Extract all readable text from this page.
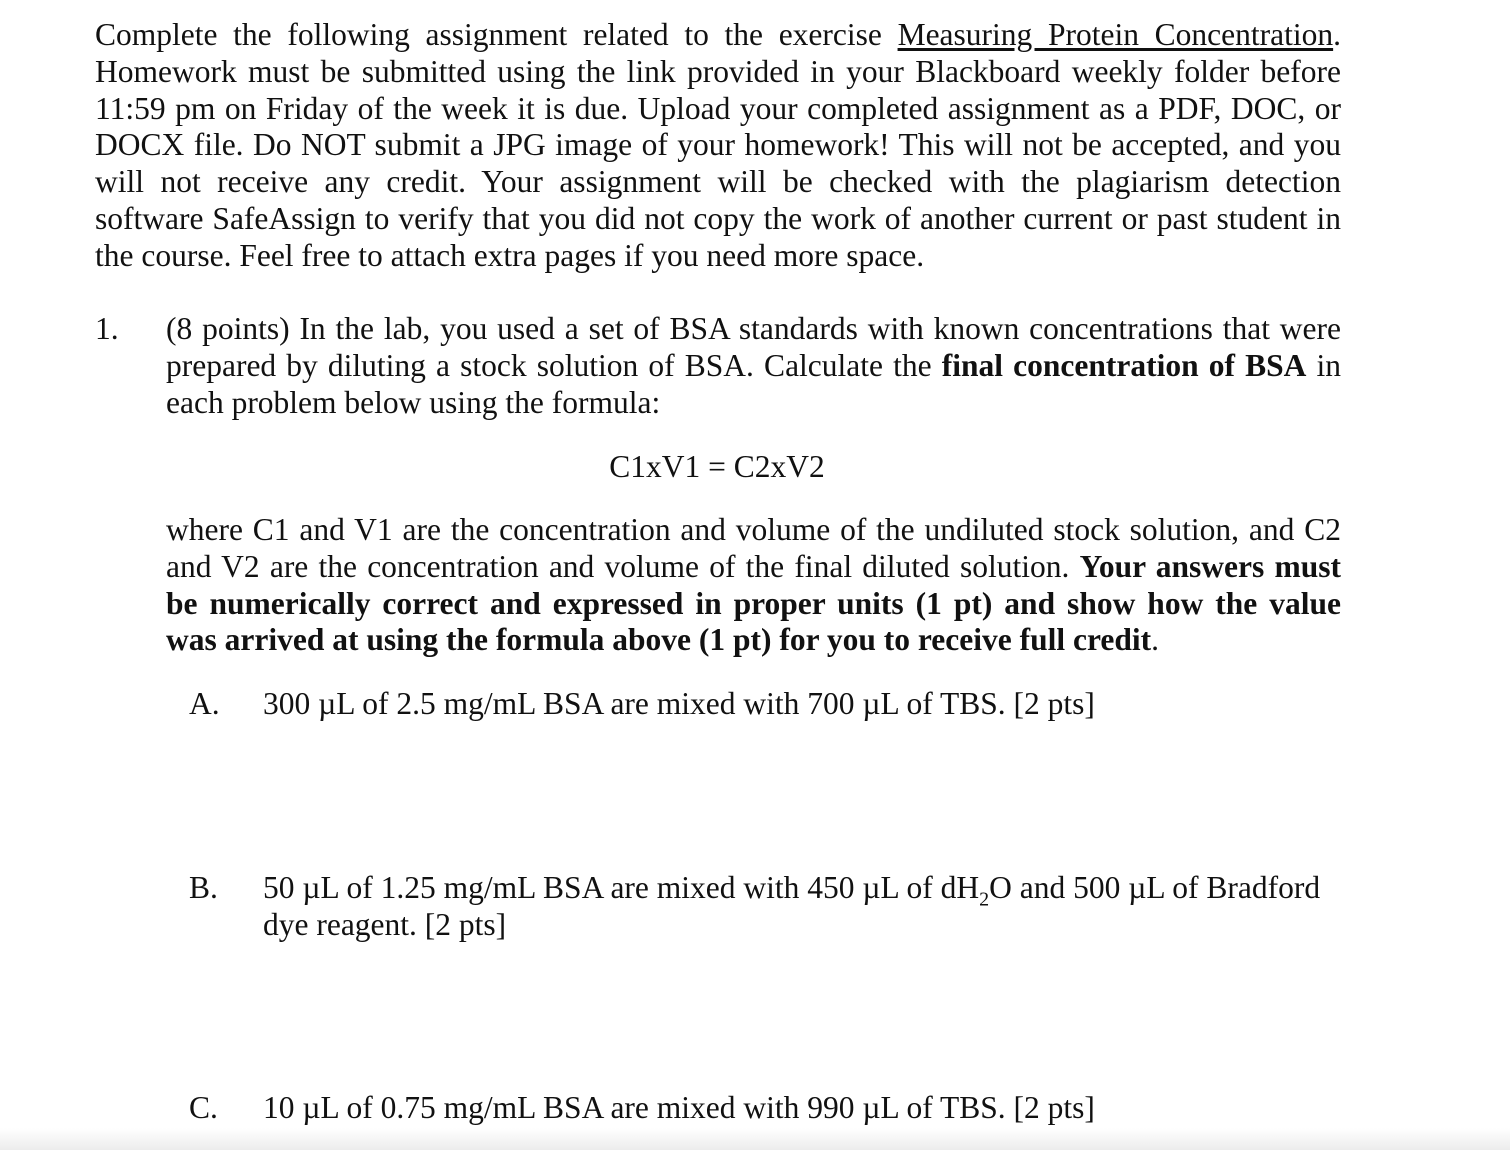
Complete the following assignment related to the exercise Measuring Protein Concentration. Homework must be submitted using the link provided in your Blackboard weekly folder before 11:59 pm on Friday of the week it is due. Upload your completed assignment as a PDF, DOC, or DOCX file. Do NOT submit a JPG image of your homework! This will not be accepted, and you will not receive any credit. Your assignment will be checked with the plagiarism detection software SafeAssign to verify that you did not copy the work of another current or past student in the course. Feel free to attach extra pages if you need more space.

1. (8 points) In the lab, you used a set of BSA standards with known concentrations that were prepared by diluting a stock solution of BSA. Calculate the final concentration of BSA in each problem below using the formula:

C1xV1 = C2xV2

where C1 and V1 are the concentration and volume of the undiluted stock solution, and C2 and V2 are the concentration and volume of the final diluted solution. Your answers must be numerically correct and expressed in proper units (1 pt) and show how the value was arrived at using the formula above (1 pt) for you to receive full credit.

A. 300 µL of 2.5 mg/mL BSA are mixed with 700 µL of TBS. [2 pts]

B. 50 µL of 1.25 mg/mL BSA are mixed with 450 µL of $dH_2O$ and 500 µL of Bradford dye reagent. [2 pts]

C. 10 µL of 0.75 mg/mL BSA are mixed with 990 µL of TBS. [2 pts]
